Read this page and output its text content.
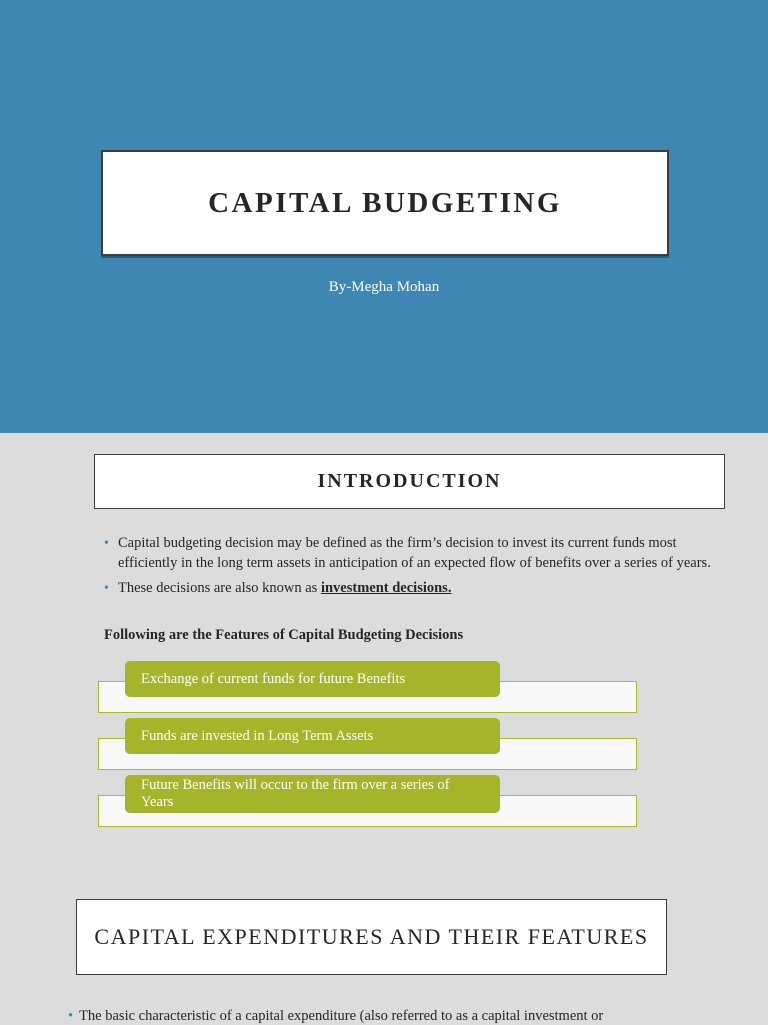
CAPITAL BUDGETING
By-Megha Mohan
INTRODUCTION
• Capital budgeting decision may be defined as the firm’s decision to invest its current funds most efficiently in the long term assets in anticipation of an expected flow of benefits over a series of years.
• These decisions are also known as investment decisions.
Following are the Features of Capital Budgeting Decisions
Exchange of current funds for future Benefits
Funds are invested in Long Term Assets
Future Benefits will occur to the firm over a series of Years
CAPITAL EXPENDITURES AND THEIR FEATURES
• The basic characteristic of a capital expenditure (also referred to as a capital investment or
